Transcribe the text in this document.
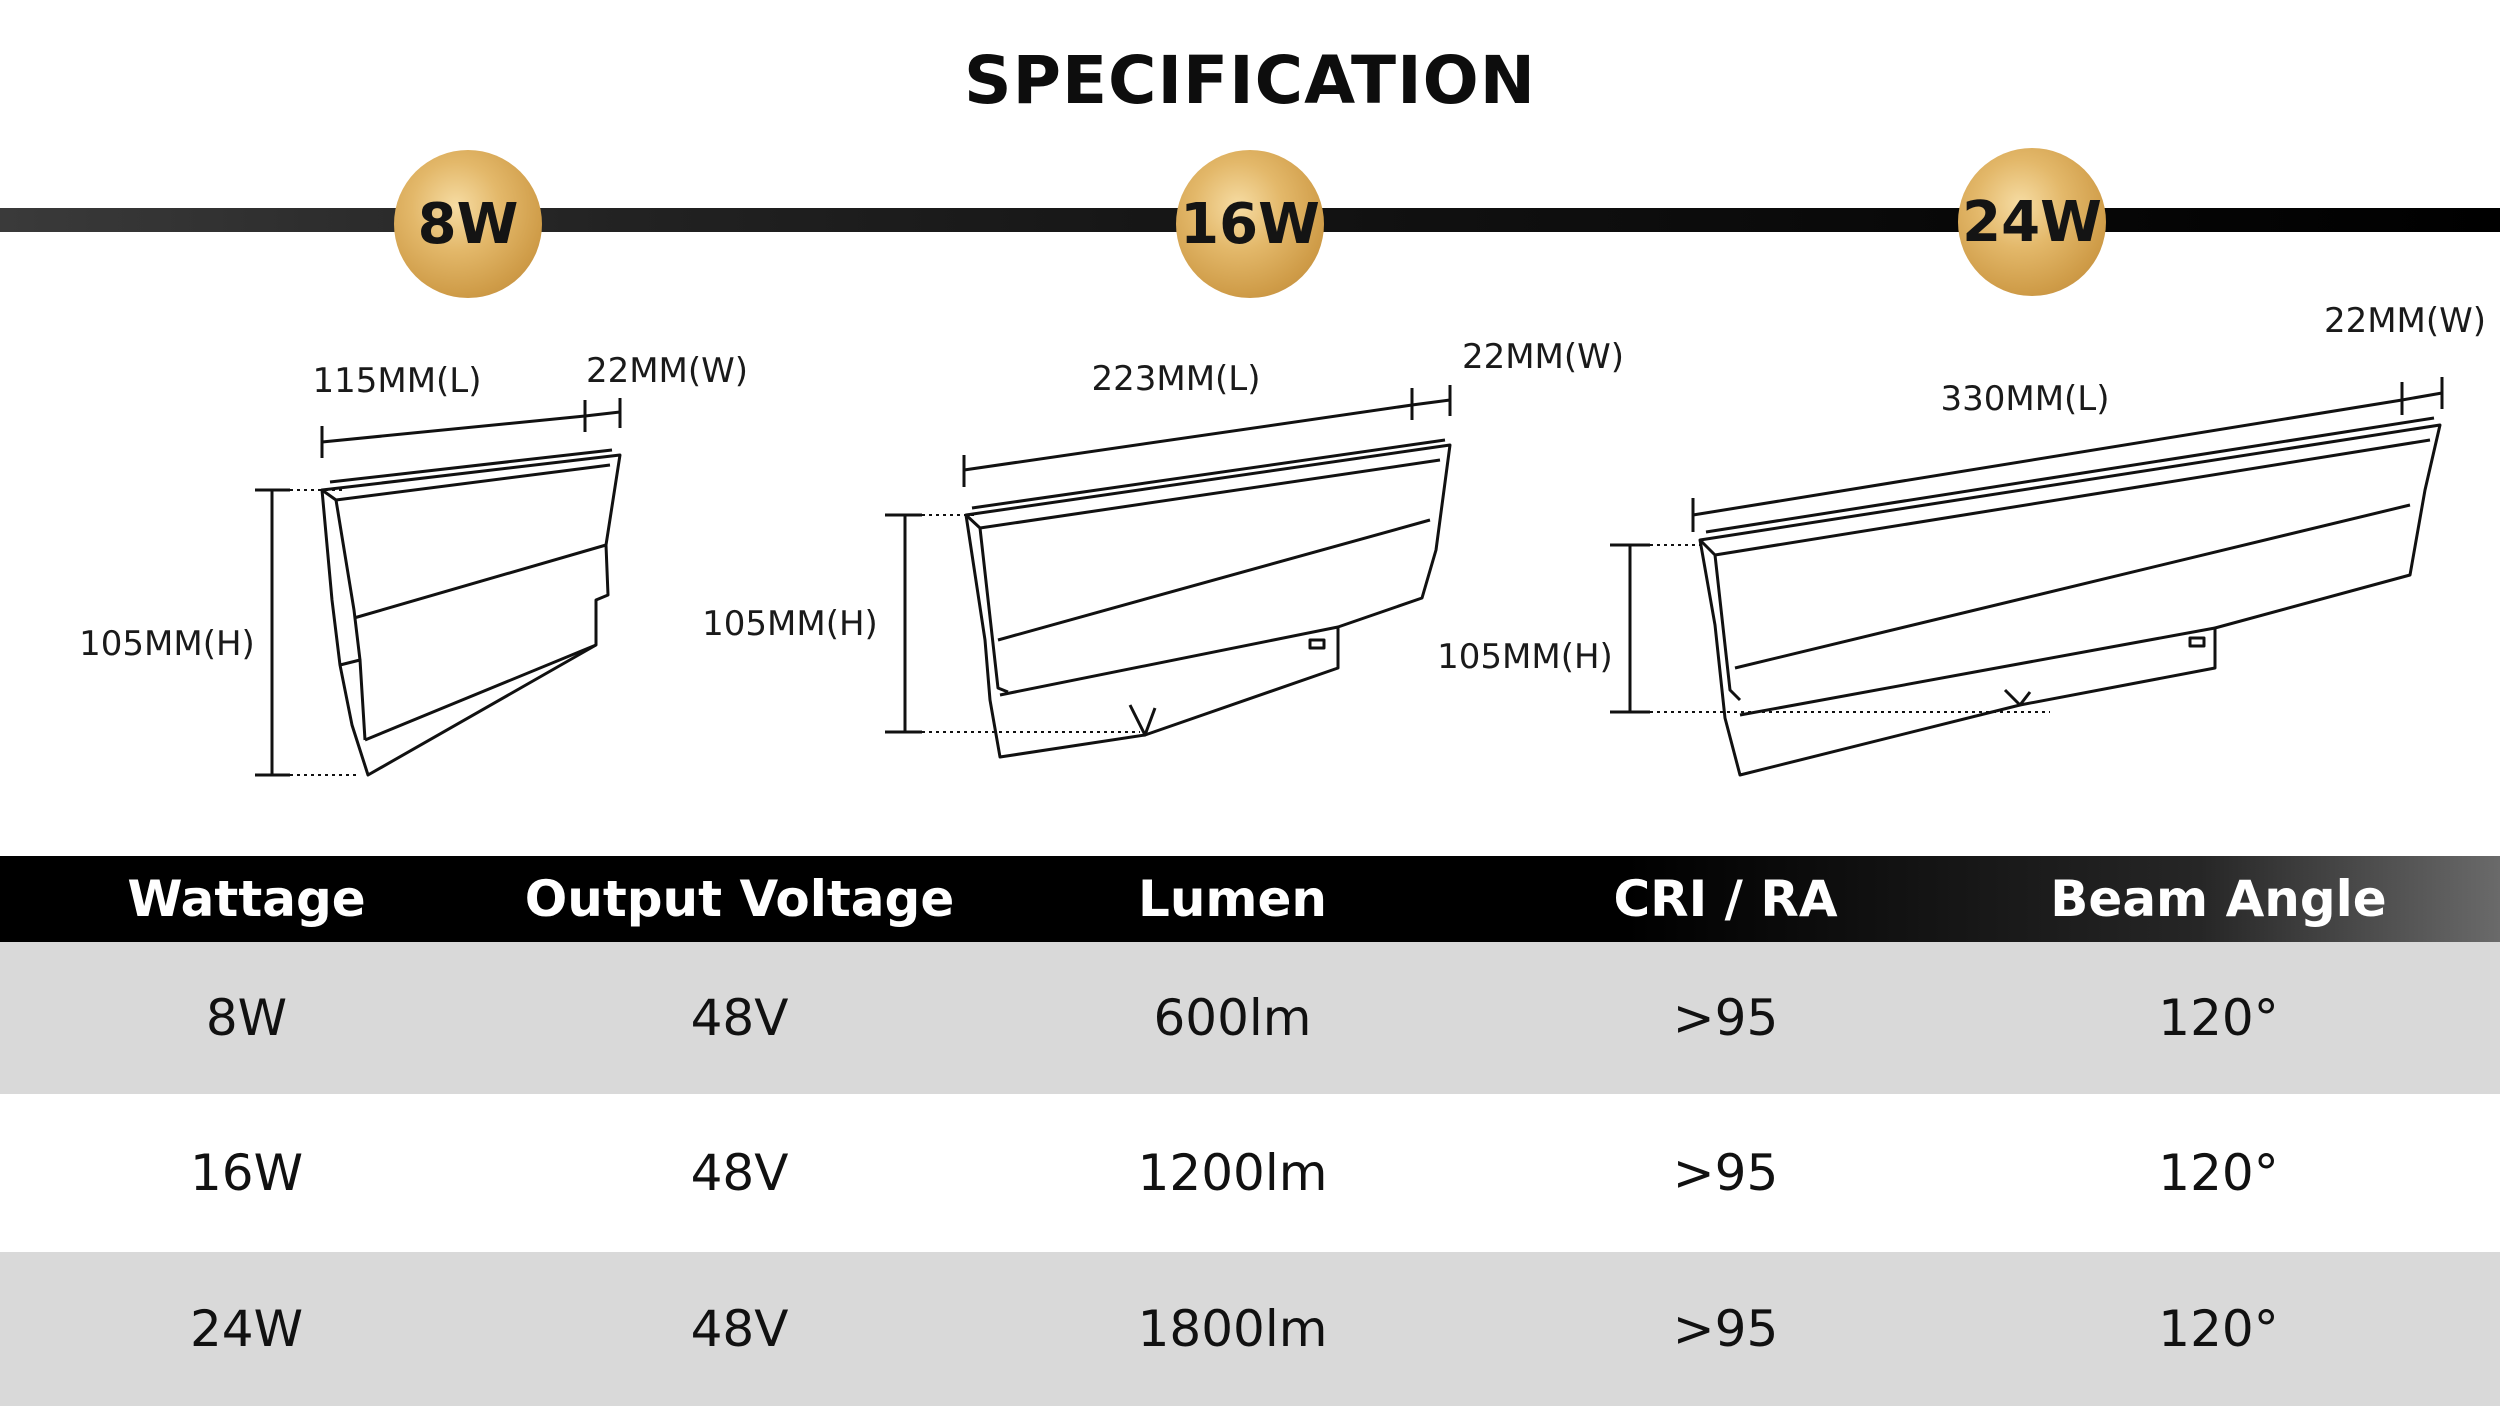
SPECIFICATION
8W	16W	24W
115MM(L)	22MM(W)
105MM(H)
223MM(L)
22MM(W)
105MM(H)
330MM(L)
22MM(W)
105MM(H)
Wattage	Output Voltage	Lumen	CRI / RA	Beam Angle
8W	48V	600lm	>95	120°
16W	48V	1200lm	>95	120°
24W	48V	1800lm	>95	120°
